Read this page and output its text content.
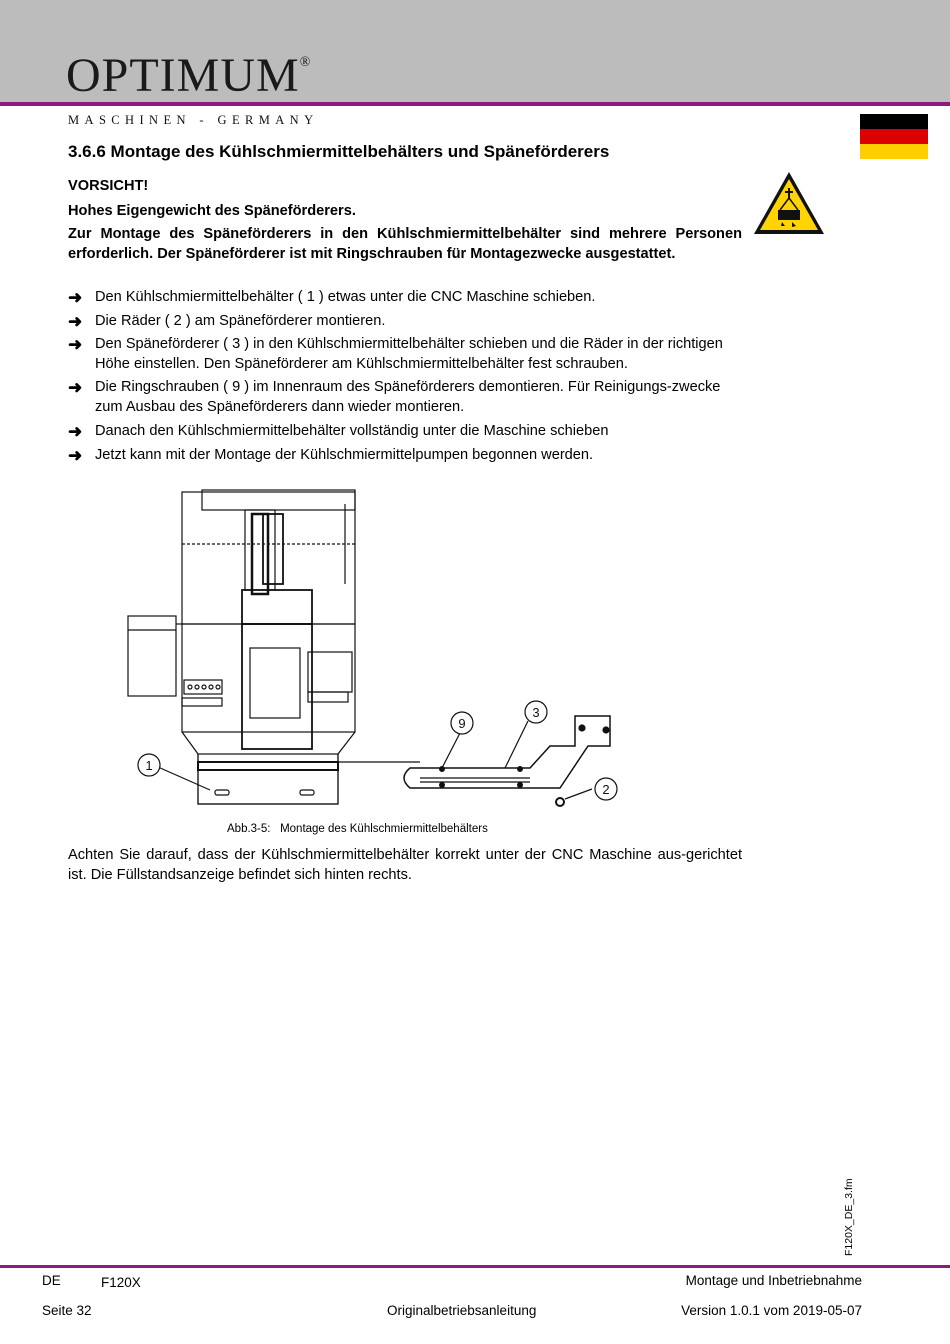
OPTIMUM®
MASCHINEN - GERMANY
3.6.6 Montage des Kühlschmiermittelbehälters und Späneförderers
VORSICHT!
Hohes Eigengewicht des Späneförderers.
Zur Montage des Späneförderers in den Kühlschmiermittelbehälter sind mehrere Personen erforderlich. Der Späneförderer ist mit Ringschrauben für Montagezwecke ausgestattet.
➜ Den Kühlschmiermittelbehälter ( 1 ) etwas unter die CNC Maschine schieben.
➜ Die Räder ( 2 ) am Späneförderer montieren.
➜ Den Späneförderer ( 3 ) in den Kühlschmiermittelbehälter schieben und die Räder in der richtigen Höhe einstellen. Den Späneförderer am Kühlschmiermittelbehälter fest schrauben.
➜ Die Ringschrauben ( 9 ) im Innenraum des Späneförderers demontieren. Für Reinigungs-zwecke zum Ausbau des Späneförderers dann wieder montieren.
➜ Danach den Kühlschmiermittelbehälter vollständig unter die Maschine schieben
➜ Jetzt kann mit der Montage der Kühlschmiermittelpumpen begonnen werden.
1
9
3
2
Abb.3-5: Montage des Kühlschmiermittelbehälters
Achten Sie darauf, dass der Kühlschmiermittelbehälter korrekt unter der CNC Maschine aus-gerichtet ist. Die Füllstandsanzeige befindet sich hinten rechts.
F120X_DE_3.fm
DE	F120X	Montage und Inbetriebnahme
Seite 32	Originalbetriebsanleitung	Version 1.0.1 vom 2019-05-07
